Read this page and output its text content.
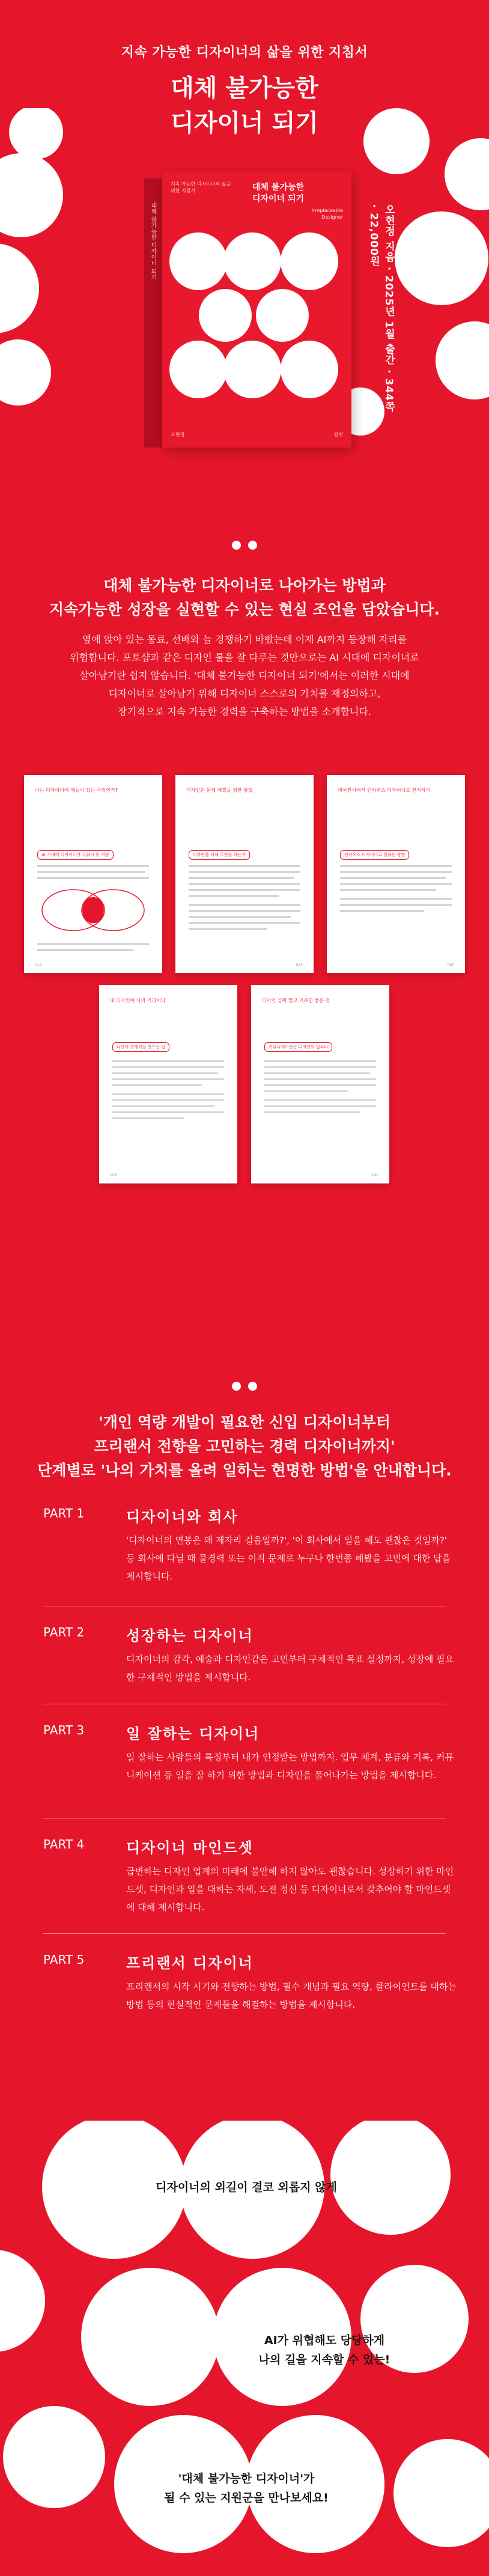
지속 가능한 디자이너의 삶을 위한 지침서
대체 불가능한
디자이너 되기
대체 불가능한 디자이너 되기
지속 가능한 디자이너의 삶을 위한 지침서	대체 불가능한
디자이너 되기
Irreplaceable Designer
오현정	길벗
오현정 지음 · 2025년 1월 출간 · 344쪽 · 22,000원
대체 불가능한 디자이너로 나아가는 방법과
지속가능한 성장을 실현할 수 있는 현실 조언을 담았습니다.
옆에 앉아 있는 동료, 선배와 늘 경쟁하기 바빴는데 이제 AI까지 등장해 자리를
위협합니다. 포토샵과 같은 디자인 툴을 잘 다루는 것만으로는 AI 시대에 디자이너로
살아남기란 쉽지 않습니다. '대체 불가능한 디자이너 되기'에서는 이러한 시대에
디자이너로 살아남기 위해 디자이너 스스로의 가치를 재정의하고,
장기적으로 지속 가능한 경력을 구축하는 방법을 소개합니다.
나는 디자이너에 재능이 있는 사람인가?
AI 시대에 디자이너가 갖춰야 할 역량
012
디자인은 문제 해결을 위한 방법
디자인을 위해 무엇을 하는가
023
에이전시에서 인하우스 디자이너로 전직하기
인하우스 디자이너로 일하는 방법
067
내 디자인이 나의 커리어다
나만의 경쟁력을 만드는 법
106
디자인 실력 말고 기르면 좋은 것
커뮤니케이션은 디자인의 일부다
191
'개인 역량 개발이 필요한 신입 디자이너부터
프리랜서 전향을 고민하는 경력 디자이너까지'
단계별로 '나의 가치를 올려 일하는 현명한 방법'을 안내합니다.
PART 1	디자이너와 회사
'디자이너의 연봉은 왜 제자리 걸음일까?', '이 회사에서 일을 해도 괜찮은 것일까?' 등 회사에 다닐 때 물경력 또는 이직 문제로 누구나 한번쯤 해봤을 고민에 대한 답을 제시합니다.
PART 2	성장하는 디자이너
디자이너의 감각, 예술과 디자인같은 고민부터 구체적인 목표 설정까지, 성장에 필요한 구체적인 방법을 제시합니다.
PART 3	일 잘하는 디자이너
일 잘하는 사람들의 특징부터 내가 인정받는 방법까지. 업무 체계, 분류와 기록, 커뮤니케이션 등 일을 잘 하기 위한 방법과 디자인을 풀어나가는 방법을 제시합니다.
PART 4	디자이너 마인드셋
급변하는 디자인 업계의 미래에 불안해 하지 않아도 괜찮습니다. 성장하기 위한 마인드셋, 디자인과 일을 대하는 자세, 도전 정신 등 디자이너로서 갖추어야 할 마인드셋에 대해 제시합니다.
PART 5	프리랜서 디자이너
프리랜서의 시작 시기와 전향하는 방법, 필수 개념과 필요 역량, 클라이언트를 대하는 방법 등의 현실적인 문제들을 해결하는 방법을 제시합니다.
디자이너의 외길이 결코 외롭지 않게
AI가 위협해도 당당하게
나의 길을 지속할 수 있는!
'대체 불가능한 디자이너'가
될 수 있는 지원군을 만나보세요!
